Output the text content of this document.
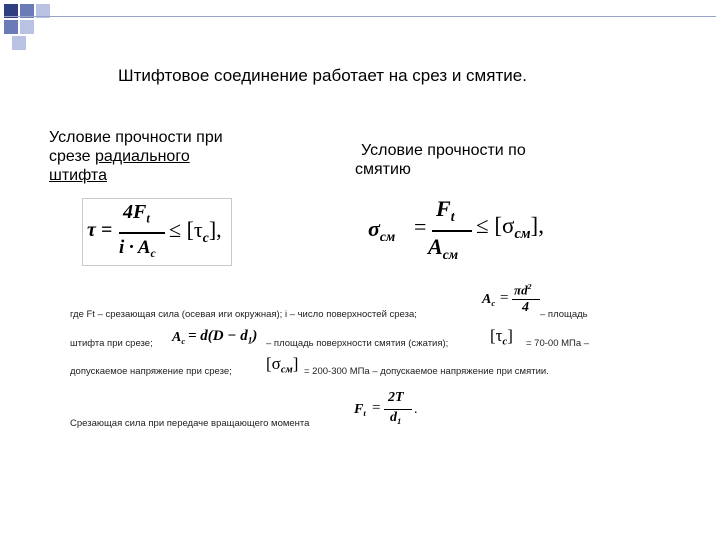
Штифтовое соединение работает на срез и смятие.
Условие прочности при
срезе радиального
штифта
Условие прочности по
смятию
τ =
$4F_t$
$i \cdot A_c$
≤ $[\tau_c]$,	$\sigma_{см}$ =
$F_t$
$A_{см}$
≤ $[\sigma_{см}]$,
$A_c$ =
$\pi d^2$
4
где Ft – срезающая сила (осевая иги окружная); i – число поверхностей среза;	– площадь
штифта при срезе; $A_c = d(D - d_1)$ – площадь поверхности смятия (сжатия); $[\tau_c] = 70-00$ МПа –
допускаемое напряжение при срезе; $[\sigma_{см}] = 200-300$ МПа – допускаемое напряжение при смятии.
Срезающая сила при передаче вращающего момента
$F_t$ =
2T
$d_1$
.
